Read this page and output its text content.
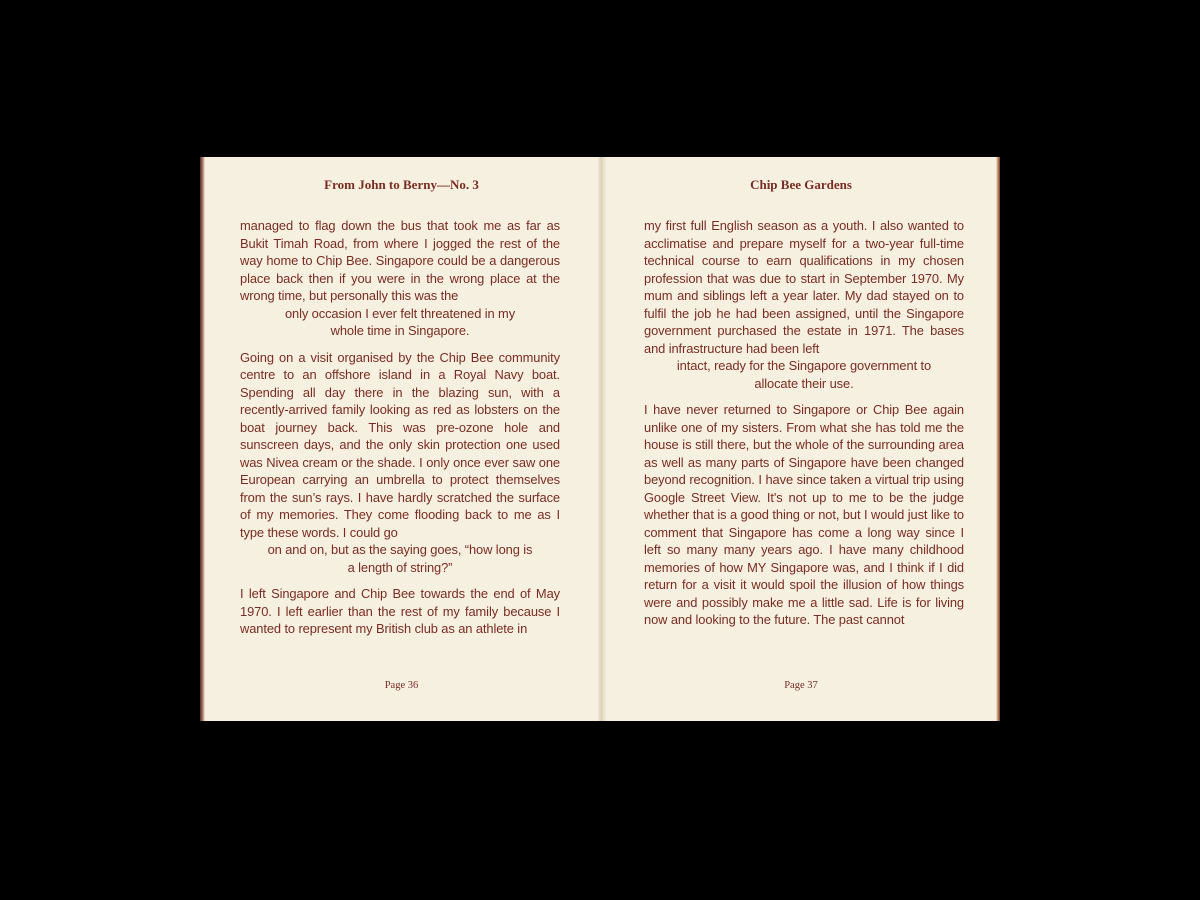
From John to Berny—No. 3

managed to flag down the bus that took me as far as Bukit Timah Road, from where I jogged the rest of the way home to Chip Bee. Singapore could be a dangerous place back then if you were in the wrong place at the wrong time, but personally this was the
only occasion I ever felt threatened in my
whole time in Singapore.

Going on a visit organised by the Chip Bee community centre to an offshore island in a Royal Navy boat. Spending all day there in the blazing sun, with a recently-arrived family looking as red as lobsters on the boat journey back. This was pre-ozone hole and sunscreen days, and the only skin protection one used was Nivea cream or the shade. I only once ever saw one European carrying an umbrella to protect themselves from the sun’s rays. I have hardly scratched the surface of my memories. They come flooding back to me as I type these words. I could go
on and on, but as the saying goes, “how long is
a length of string?”

I left Singapore and Chip Bee towards the end of May 1970. I left earlier than the rest of my family because I wanted to represent my British club as an athlete in

Page 36
Chip Bee Gardens

my first full English season as a youth. I also wanted to acclimatise and prepare myself for a two-year full-time technical course to earn qualifications in my chosen profession that was due to start in September 1970. My mum and siblings left a year later. My dad stayed on to fulfil the job he had been assigned, until the Singapore government purchased the estate in 1971. The bases and infrastructure had been left
intact, ready for the Singapore government to
allocate their use.

I have never returned to Singapore or Chip Bee again unlike one of my sisters. From what she has told me the house is still there, but the whole of the surrounding area as well as many parts of Singapore have been changed beyond recognition. I have since taken a virtual trip using Google Street View. It's not up to me to be the judge whether that is a good thing or not, but I would just like to comment that Singapore has come a long way since I left so many many years ago. I have many childhood memories of how MY Singapore was, and I think if I did return for a visit it would spoil the illusion of how things were and possibly make me a little sad. Life is for living now and looking to the future. The past cannot

Page 37
